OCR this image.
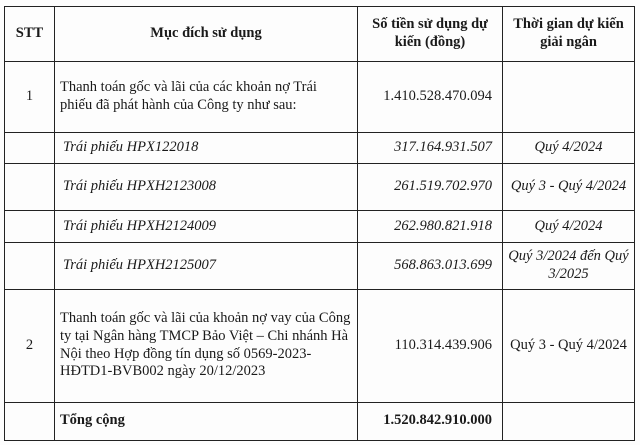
STT	Mục đích sử dụng	Số tiền sử dụng dự kiến (đồng)	Thời gian dự kiến giải ngân
1	Thanh toán gốc và lãi của các khoản nợ Trái phiếu đã phát hành của Công ty như sau:	1.410.528.470.094	
	Trái phiếu HPX122018	317.164.931.507	Quý 4/2024
	Trái phiếu HPXH2123008	261.519.702.970	Quý 3 - Quý 4/2024
	Trái phiếu HPXH2124009	262.980.821.918	Quý 4/2024
	Trái phiếu HPXH2125007	568.863.013.699	Quý 3/2024 đến Quý 3/2025
2	Thanh toán gốc và lãi của khoản nợ vay của Công ty tại Ngân hàng TMCP Bảo Việt – Chi nhánh Hà Nội theo Hợp đồng tín dụng số 0569-2023-HĐTD1-BVB002 ngày 20/12/2023	110.314.439.906	Quý 3 - Quý 4/2024
	Tổng cộng	1.520.842.910.000	
